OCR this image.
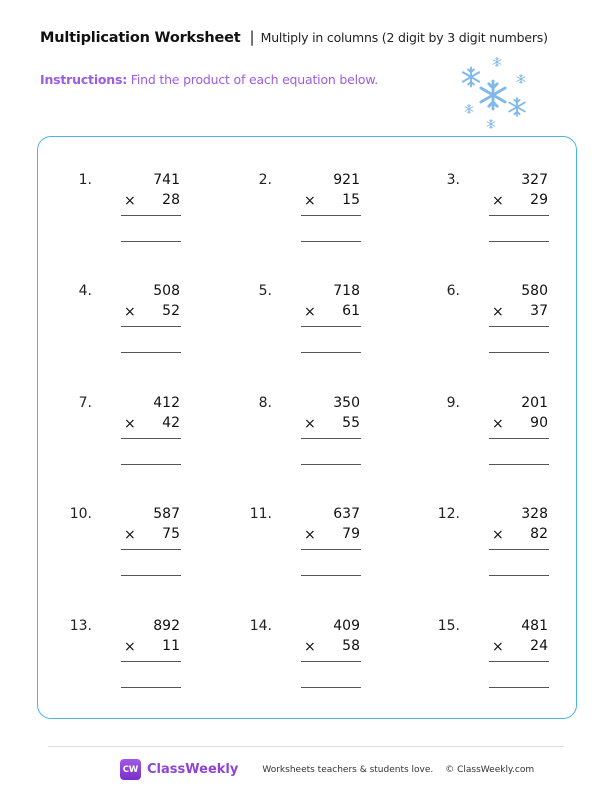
Multiplication Worksheet | Multiply in columns (2 digit by 3 digit numbers)
Instructions: Find the product of each equation below.
1.	741
×	28
2.	921
×	15
3.	327
×	29
4.	508
×	52
5.	718
×	61
6.	580
×	37
7.	412
×	42
8.	350
×	55
9.	201
×	90
10.	587
×	75
11.	637
×	79
12.	328
×	82
13.	892
×	11
14.	409
×	58
15.	481
×	24
CW ClassWeekly	Worksheets teachers & students love. © ClassWeekly.com
